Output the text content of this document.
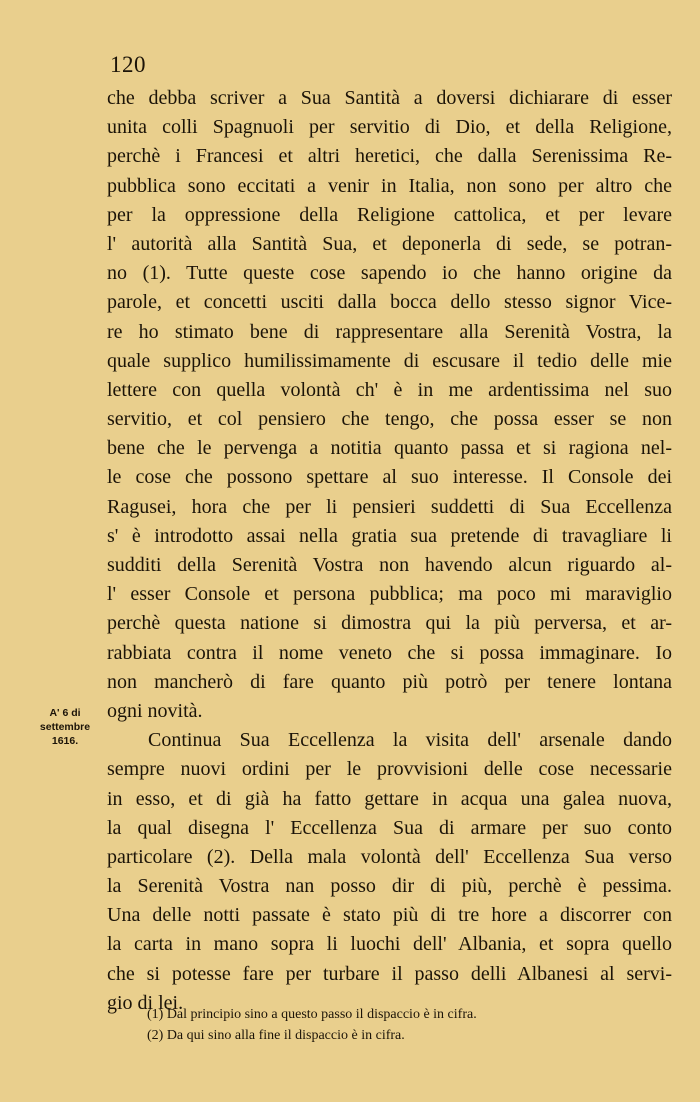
120
che debba scriver a Sua Santità a doversi dichiarare di esser
unita colli Spagnuoli per servitio di Dio, et della Religione,
perchè i Francesi et altri heretici, che dalla Serenissima Re-
pubblica sono eccitati a venir in Italia, non sono per altro che
per la oppressione della Religione cattolica, et per levare
l' autorità alla Santità Sua, et deponerla di sede, se potran-
no (1). Tutte queste cose sapendo io che hanno origine da
parole, et concetti usciti dalla bocca dello stesso signor Vice-
re ho stimato bene di rappresentare alla Serenità Vostra, la
quale supplico humilissimamente di escusare il tedio delle mie
lettere con quella volontà ch' è in me ardentissima nel suo
servitio, et col pensiero che tengo, che possa esser se non
bene che le pervenga a notitia quanto passa et si ragiona nel-
le cose che possono spettare al suo interesse. Il Console dei
Ragusei, hora che per li pensieri suddetti di Sua Eccellenza
s' è introdotto assai nella gratia sua pretende di travagliare li
sudditi della Serenità Vostra non havendo alcun riguardo al-
l' esser Console et persona pubblica; ma poco mi maraviglio
perchè questa natione si dimostra qui la più perversa, et ar-
rabbiata contra il nome veneto che si possa immaginare. Io
non mancherò di fare quanto più potrò per tenere lontana
ogni novità.
Continua Sua Eccellenza la visita dell' arsenale dando
sempre nuovi ordini per le provvisioni delle cose necessarie
in esso, et di già ha fatto gettare in acqua una galea nuova,
la qual disegna l' Eccellenza Sua di armare per suo conto
particolare (2). Della mala volontà dell' Eccellenza Sua verso
la Serenità Vostra nan posso dir di più, perchè è pessima.
Una delle notti passate è stato più di tre hore a discorrer con
la carta in mano sopra li luochi dell' Albania, et sopra quello
che si potesse fare per turbare il passo delli Albanesi al servi-
gio di lei.
A' 6 di
settembre
1616.
(1) Dal principio sino a questo passo il dispaccio è in cifra.
(2) Da qui sino alla fine il dispaccio è in cifra.
